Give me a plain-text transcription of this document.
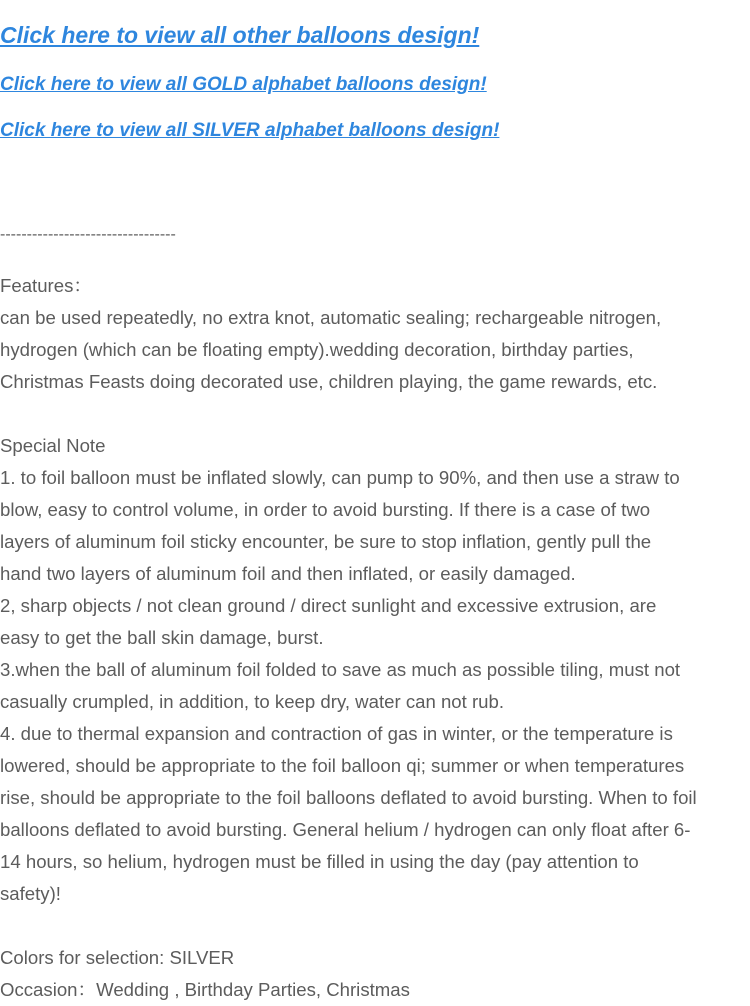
Click here to view all other balloons design!
Click here to view all GOLD alphabet balloons design!
Click here to view all SILVER alphabet balloons design!
---------------------------------
Features：
can be used repeatedly, no extra knot, automatic sealing; rechargeable nitrogen,
hydrogen (which can be floating empty).wedding decoration, birthday parties,
Christmas Feasts doing decorated use, children playing, the game rewards, etc.
Special Note
1. to foil balloon must be inflated slowly, can pump to 90%, and then use a straw to
blow, easy to control volume, in order to avoid bursting. If there is a case of two
layers of aluminum foil sticky encounter, be sure to stop inflation, gently pull the
hand two layers of aluminum foil and then inflated, or easily damaged.
2, sharp objects / not clean ground / direct sunlight and excessive extrusion, are
easy to get the ball skin damage, burst.
3.when the ball of aluminum foil folded to save as much as possible tiling, must not
casually crumpled, in addition, to keep dry, water can not rub.
4. due to thermal expansion and contraction of gas in winter, or the temperature is
lowered, should be appropriate to the foil balloon qi; summer or when temperatures
rise, should be appropriate to the foil balloons deflated to avoid bursting. When to foil
balloons deflated to avoid bursting. General helium / hydrogen can only float after 6-
14 hours, so helium, hydrogen must be filled in using the day (pay attention to
safety)!
Colors for selection: SILVER
Occasion：Wedding , Birthday Parties, Christmas
